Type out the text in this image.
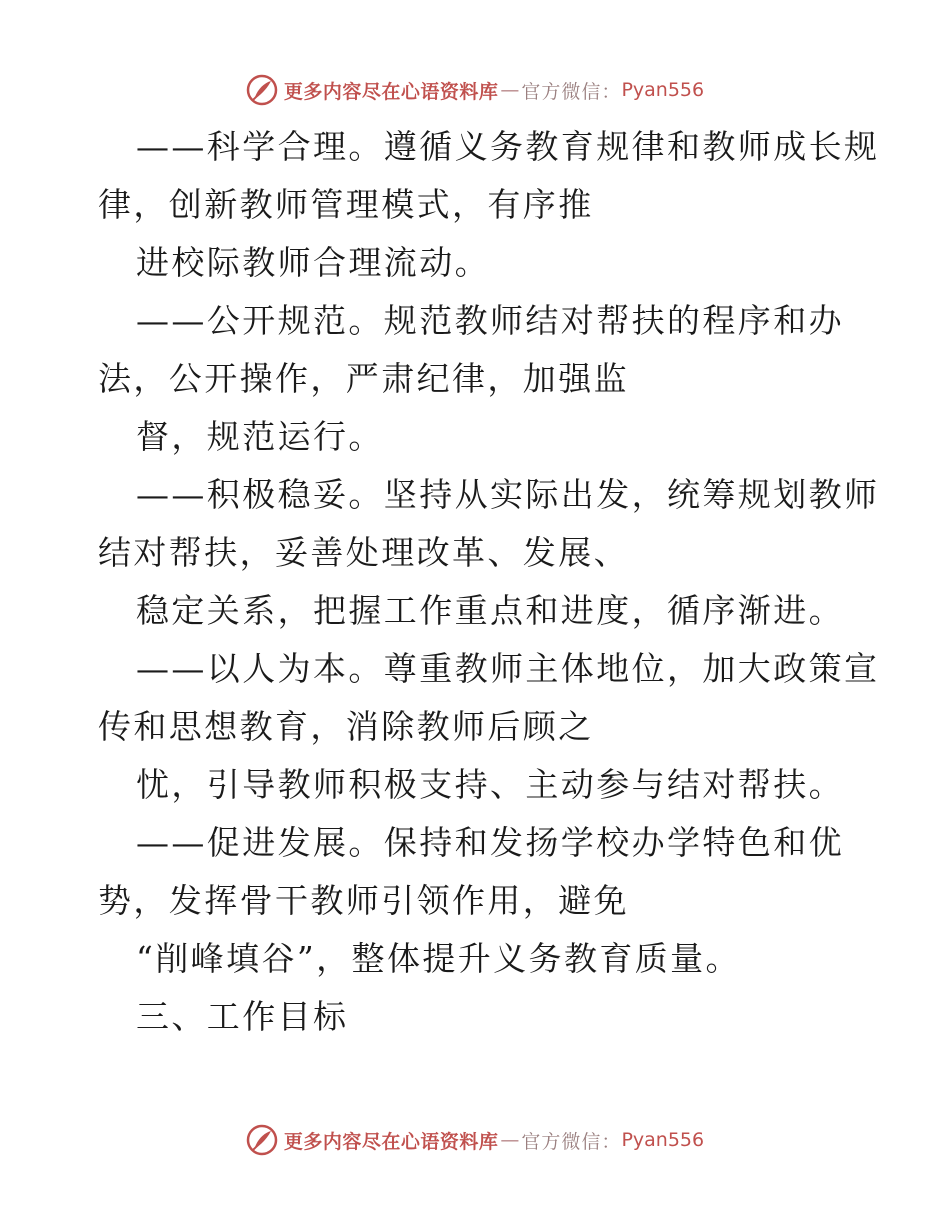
更多内容尽在心语资料库 — 官方微信： Pyan556
——科学合理。遵循义务教育规律和教师成长规
律，创新教师管理模式，有序推
进校际教师合理流动。
——公开规范。规范教师结对帮扶的程序和办
法，公开操作，严肃纪律，加强监
督，规范运行。
——积极稳妥。坚持从实际出发，统筹规划教师
结对帮扶，妥善处理改革、发展、
稳定关系，把握工作重点和进度，循序渐进。
——以人为本。尊重教师主体地位，加大政策宣
传和思想教育，消除教师后顾之
忧，引导教师积极支持、主动参与结对帮扶。
——促进发展。保持和发扬学校办学特色和优
势，发挥骨干教师引领作用，避免
“削峰填谷”，整体提升义务教育质量。
三、工作目标
更多内容尽在心语资料库 — 官方微信： Pyan556
